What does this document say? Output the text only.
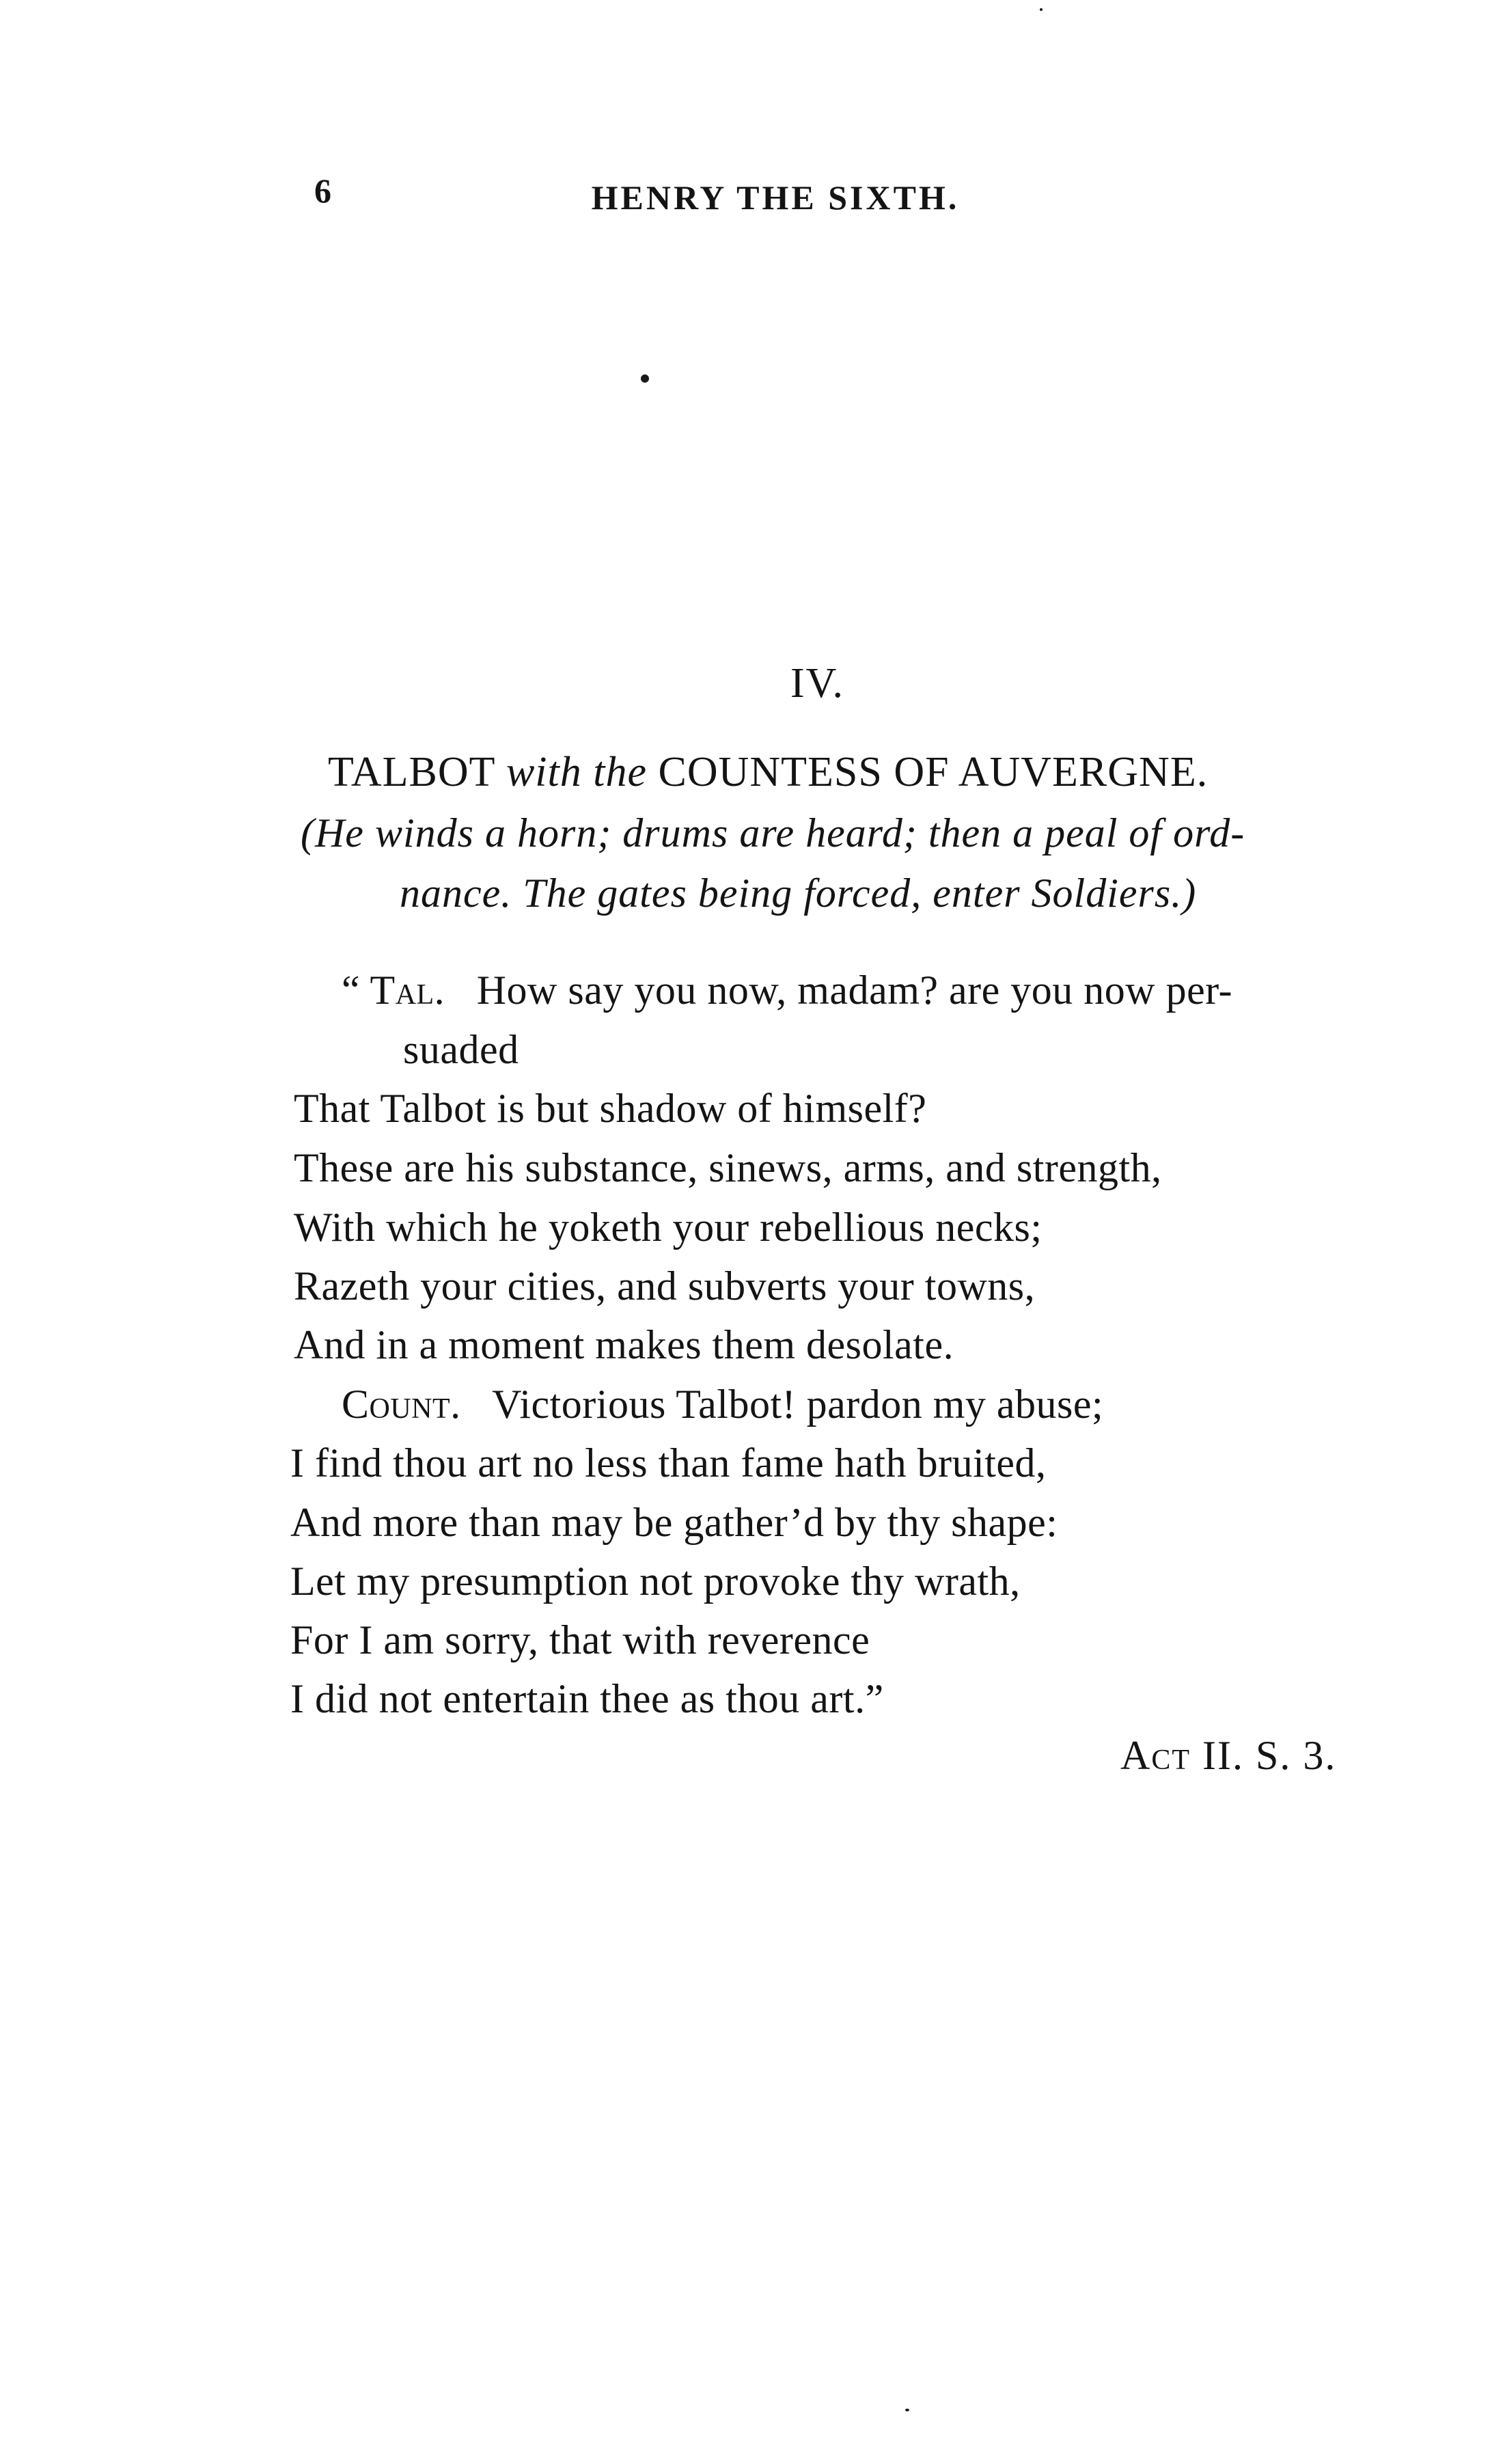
6	HENRY THE SIXTH.
IV.
TALBOT with the COUNTESS OF AUVERGNE.
(He winds a horn; drums are heard; then a peal of ord-
nance. The gates being forced, enter Soldiers.)
“ Tal. How say you now, madam? are you now per-
suaded
That Talbot is but shadow of himself?
These are his substance, sinews, arms, and strength,
With which he yoketh your rebellious necks;
Razeth your cities, and subverts your towns,
And in a moment makes them desolate.
Count. Victorious Talbot! pardon my abuse;
I find thou art no less than fame hath bruited,
And more than may be gather’d by thy shape:
Let my presumption not provoke thy wrath,
For I am sorry, that with reverence
I did not entertain thee as thou art.”
Act II. S. 3.
